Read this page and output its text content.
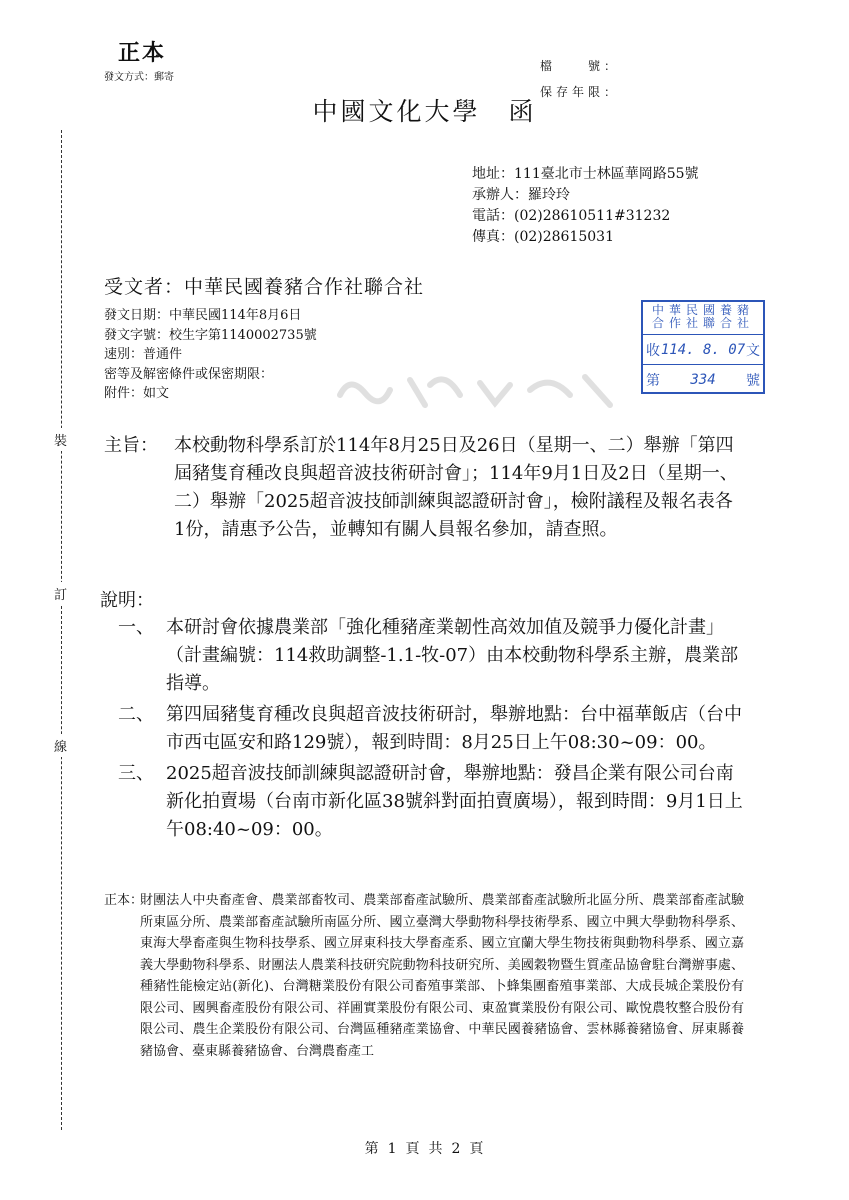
正本
發文方式：郵寄
檔　　號：
保存年限：
中國文化大學　函
地址：111臺北市士林區華岡路55號
承辦人：羅玲玲
電話：(02)28610511#31232
傳真：(02)28615031
受文者：中華民國養豬合作社聯合社
發文日期：中華民國114年8月6日
發文字號：校生字第1140002735號
速別：普通件
密等及解密條件或保密期限：
附件：如文
中華民國養豬
合作社聯合社
收 114. 8. 07 文
第 334 號
裝
訂
線
主旨： 本校動物科學系訂於114年8月25日及26日（星期一、二）舉辦「第四屆豬隻育種改良與超音波技術研討會」；114年9月1日及2日（星期一、二）舉辦「2025超音波技師訓練與認證研討會」，檢附議程及報名表各1份，請惠予公告，並轉知有關人員報名參加，請查照。
說明：
一、 本研討會依據農業部「強化種豬產業韌性高效加值及競爭力優化計畫」（計畫編號：114救助調整-1.1-牧-07）由本校動物科學系主辦，農業部指導。
二、 第四屆豬隻育種改良與超音波技術研討，舉辦地點：台中福華飯店（台中市西屯區安和路129號），報到時間：8月25日上午08:30~09：00。
三、 2025超音波技師訓練與認證研討會，舉辦地點：發昌企業有限公司台南新化拍賣場（台南市新化區38號斜對面拍賣廣場），報到時間：9月1日上午08:40~09：00。
正本：
財團法人中央畜產會、農業部畜牧司、農業部畜產試驗所、農業部畜產試驗所北區分所、農業部畜產試驗所東區分所、農業部畜產試驗所南區分所、國立臺灣大學動物科學技術學系、國立中興大學動物科學系、東海大學畜產與生物科技學系、國立屏東科技大學畜產系、國立宜蘭大學生物技術與動物科學系、國立嘉義大學動物科學系、財團法人農業科技研究院動物科技研究所、美國穀物暨生質產品協會駐台灣辦事處、種豬性能檢定站(新化)、台灣糖業股份有限公司畜殖事業部、卜蜂集團畜殖事業部、大成長城企業股份有限公司、國興畜產股份有限公司、祥圃實業股份有限公司、東盈實業股份有限公司、歐悅農牧整合股份有限公司、農生企業股份有限公司、台灣區種豬產業協會、中華民國養豬協會、雲林縣養豬協會、屏東縣養豬協會、臺東縣養豬協會、台灣農畜產工
第 1 頁 共 2 頁
